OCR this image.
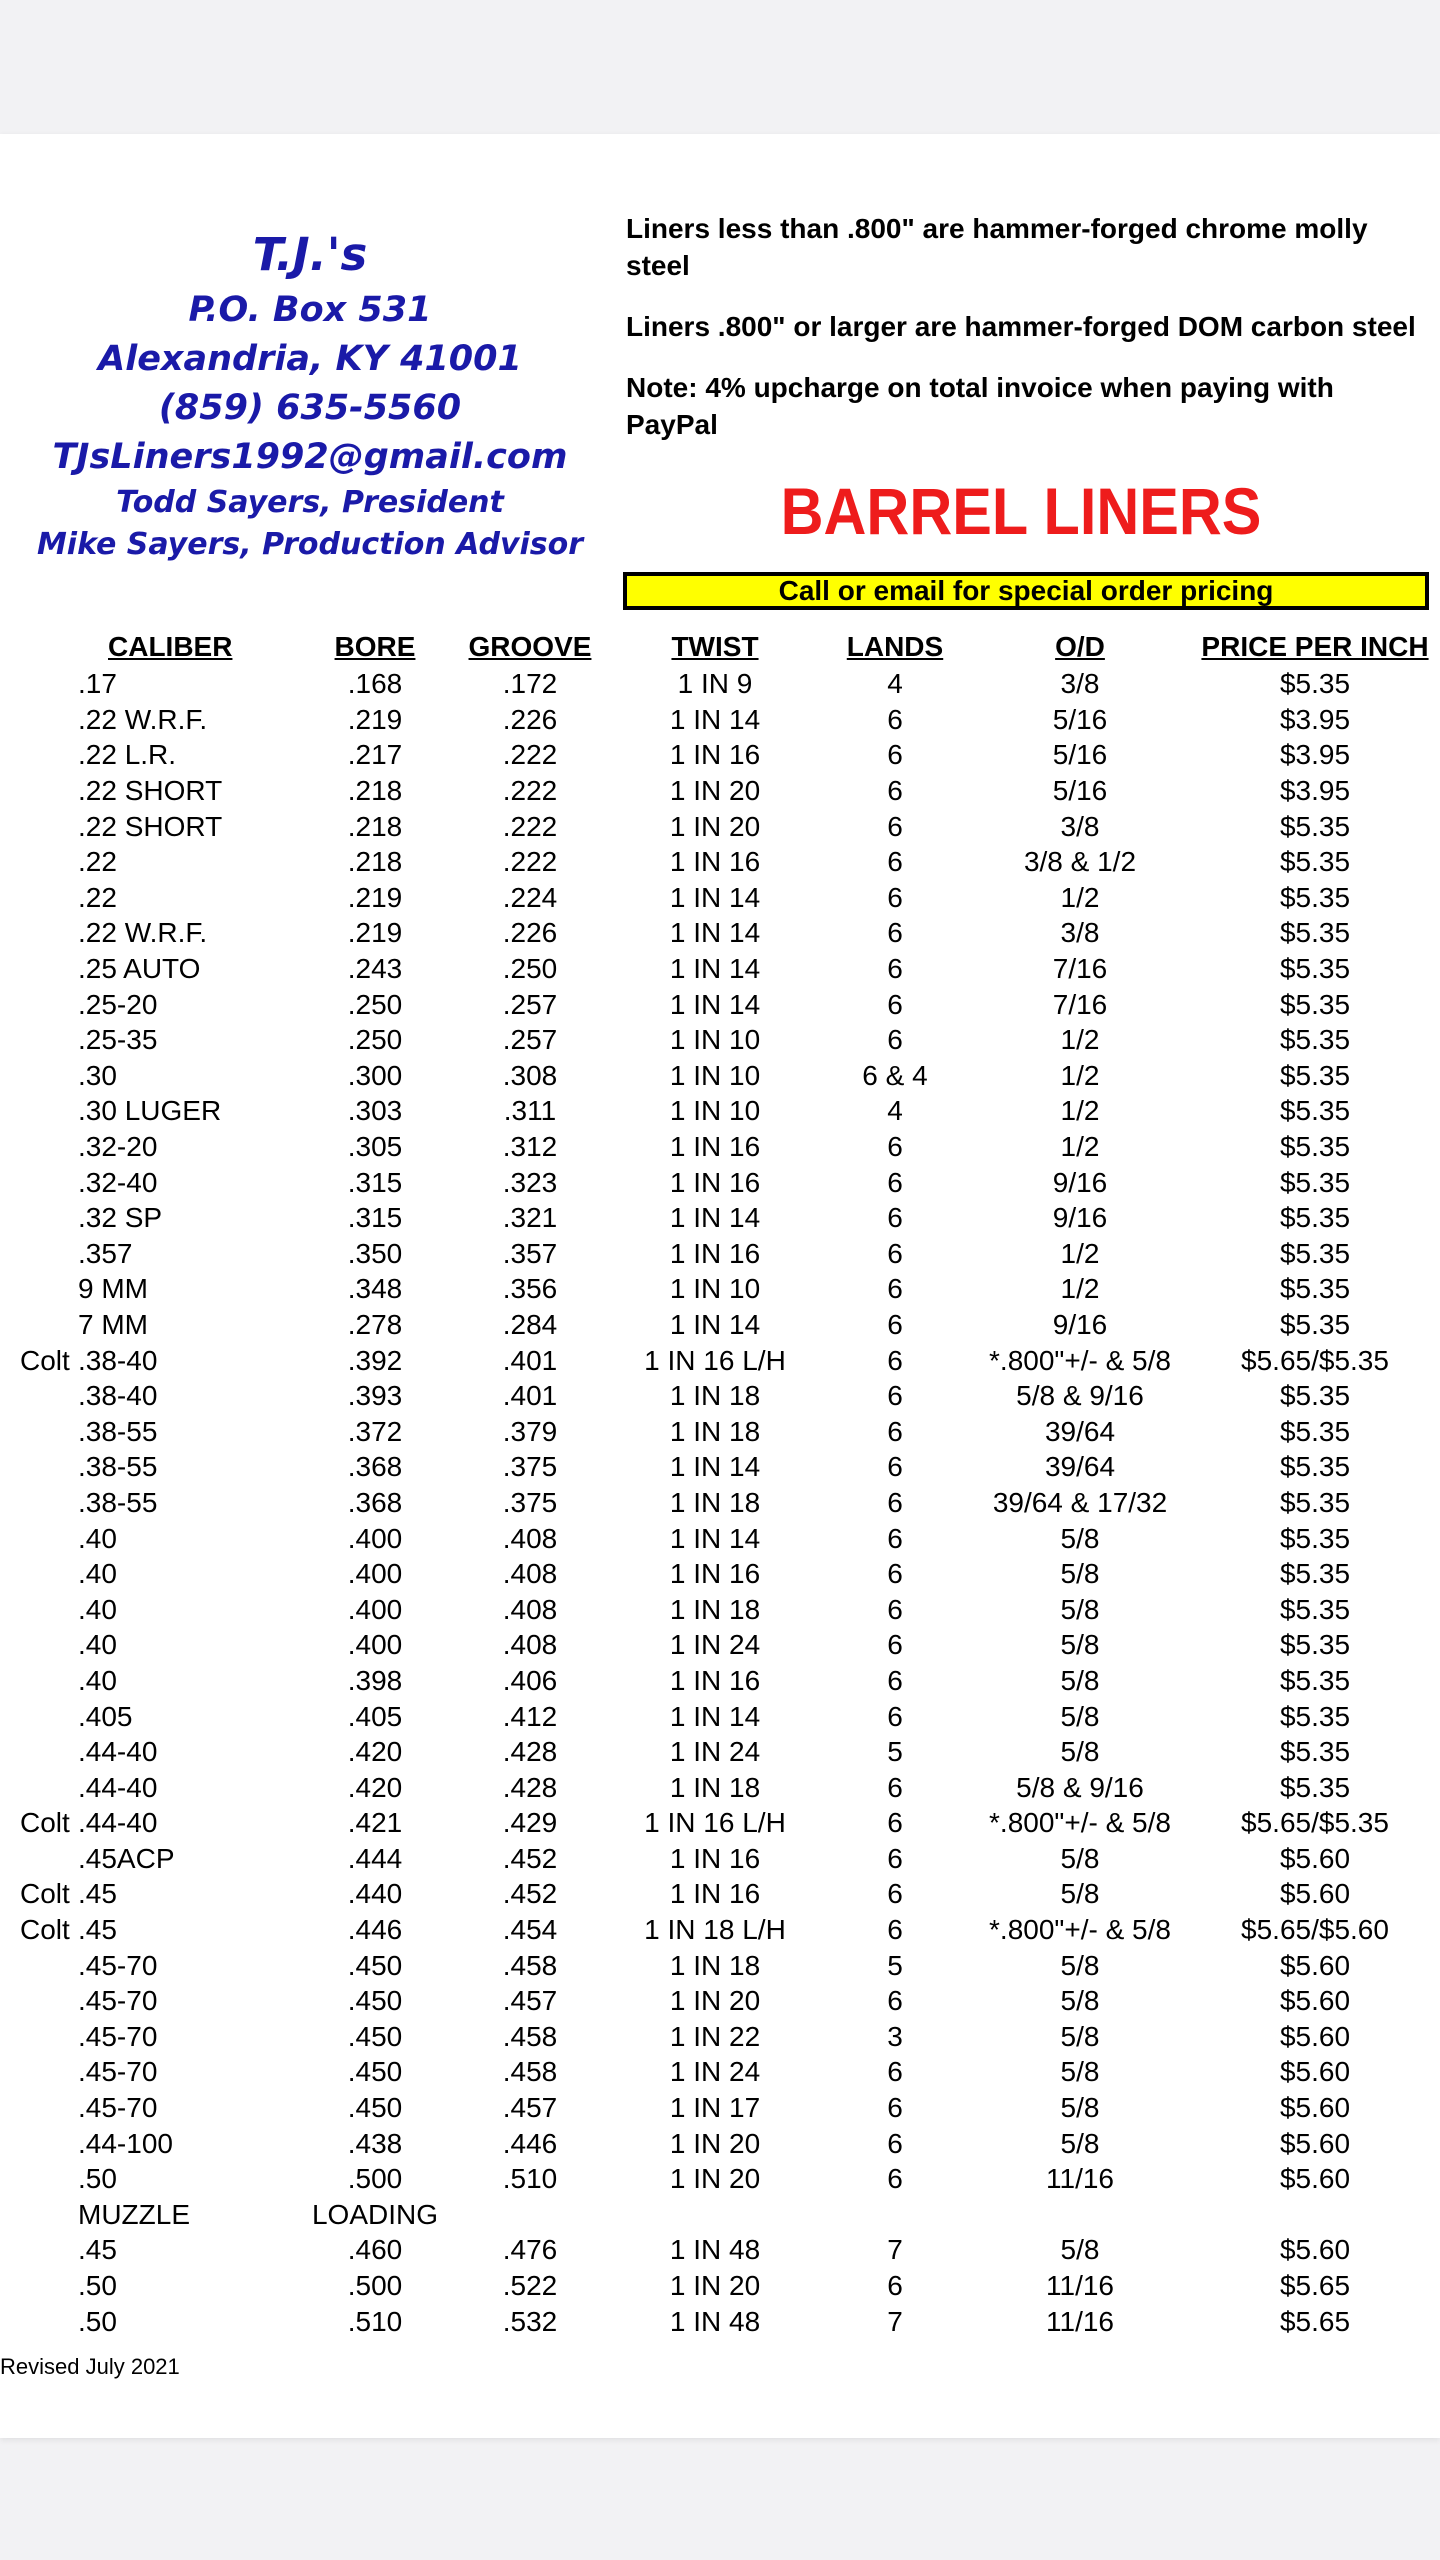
T.J.'s
P.O. Box 531
Alexandria, KY 41001
(859) 635-5560
TJsLiners1992@gmail.com
Todd Sayers, President
Mike Sayers, Production Advisor

Liners less than .800" are hammer-forged chrome molly steel

Liners .800" or larger are hammer-forged DOM carbon steel

Note: 4% upcharge on total invoice when paying with PayPal

BARREL LINERS
Call or email for special order pricing
CALIBER	BORE	GROOVE	TWIST	LANDS	O/D	PRICE PER INCH
.17	.168	.172	1 IN 9	4	3/8	$5.35
.22 W.R.F.	.219	.226	1 IN 14	6	5/16	$3.95
.22 L.R.	.217	.222	1 IN 16	6	5/16	$3.95
.22 SHORT	.218	.222	1 IN 20	6	5/16	$3.95
.22 SHORT	.218	.222	1 IN 20	6	3/8	$5.35
.22	.218	.222	1 IN 16	6	3/8 & 1/2	$5.35
.22	.219	.224	1 IN 14	6	1/2	$5.35
.22 W.R.F.	.219	.226	1 IN 14	6	3/8	$5.35
.25 AUTO	.243	.250	1 IN 14	6	7/16	$5.35
.25-20	.250	.257	1 IN 14	6	7/16	$5.35
.25-35	.250	.257	1 IN 10	6	1/2	$5.35
.30	.300	.308	1 IN 10	6 & 4	1/2	$5.35
.30 LUGER	.303	.311	1 IN 10	4	1/2	$5.35
.32-20	.305	.312	1 IN 16	6	1/2	$5.35
.32-40	.315	.323	1 IN 16	6	9/16	$5.35
.32 SP	.315	.321	1 IN 14	6	9/16	$5.35
.357	.350	.357	1 IN 16	6	1/2	$5.35
9 MM	.348	.356	1 IN 10	6	1/2	$5.35
7 MM	.278	.284	1 IN 14	6	9/16	$5.35
Colt .38-40	.392	.401	1 IN 16 L/H	6	*.800"+/- & 5/8	$5.65/$5.35
.38-40	.393	.401	1 IN 18	6	5/8 & 9/16	$5.35
.38-55	.372	.379	1 IN 18	6	39/64	$5.35
.38-55	.368	.375	1 IN 14	6	39/64	$5.35
.38-55	.368	.375	1 IN 18	6	39/64 & 17/32	$5.35
.40	.400	.408	1 IN 14	6	5/8	$5.35
.40	.400	.408	1 IN 16	6	5/8	$5.35
.40	.400	.408	1 IN 18	6	5/8	$5.35
.40	.400	.408	1 IN 24	6	5/8	$5.35
.40	.398	.406	1 IN 16	6	5/8	$5.35
.405	.405	.412	1 IN 14	6	5/8	$5.35
.44-40	.420	.428	1 IN 24	5	5/8	$5.35
.44-40	.420	.428	1 IN 18	6	5/8 & 9/16	$5.35
Colt .44-40	.421	.429	1 IN 16 L/H	6	*.800"+/- & 5/8	$5.65/$5.35
.45ACP	.444	.452	1 IN 16	6	5/8	$5.60
Colt .45	.440	.452	1 IN 16	6	5/8	$5.60
Colt .45	.446	.454	1 IN 18 L/H	6	*.800"+/- & 5/8	$5.65/$5.60
.45-70	.450	.458	1 IN 18	5	5/8	$5.60
.45-70	.450	.457	1 IN 20	6	5/8	$5.60
.45-70	.450	.458	1 IN 22	3	5/8	$5.60
.45-70	.450	.458	1 IN 24	6	5/8	$5.60
.45-70	.450	.457	1 IN 17	6	5/8	$5.60
.44-100	.438	.446	1 IN 20	6	5/8	$5.60
.50	.500	.510	1 IN 20	6	11/16	$5.60
MUZZLE	LOADING					
.45	.460	.476	1 IN 48	7	5/8	$5.60
.50	.500	.522	1 IN 20	6	11/16	$5.65
.50	.510	.532	1 IN 48	7	11/16	$5.65
Revised July 2021
